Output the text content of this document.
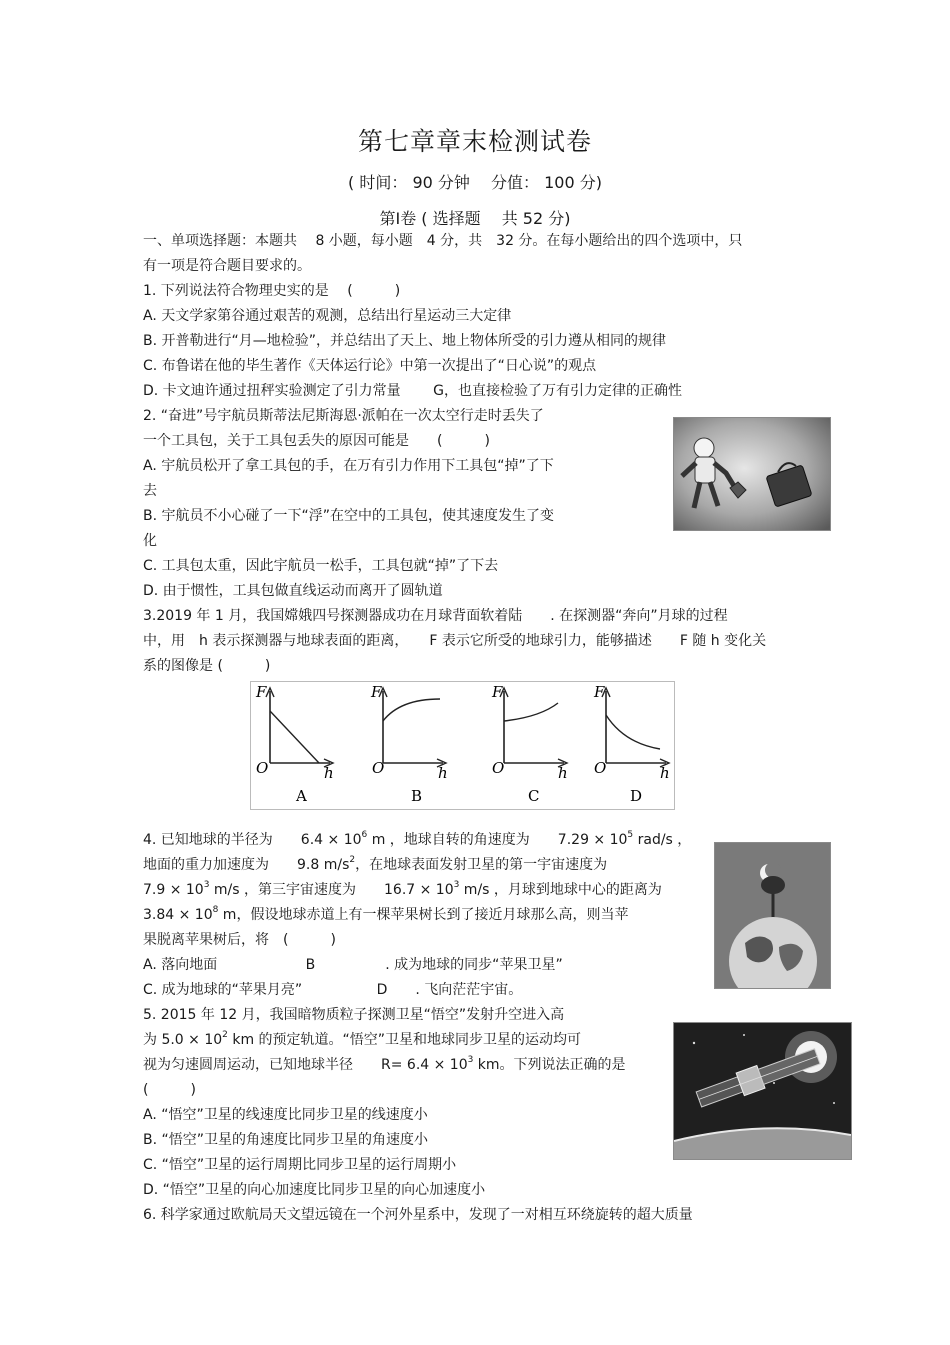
第七章章末检测试卷
( 时间： 90 分钟　 分值： 100 分)
第Ⅰ卷 ( 选择题　 共 52 分)
一、单项选择题：本题共　 8 小题，每小题　4 分，共　32 分。在每小题给出的四个选项中，只
有一项是符合题目要求的。
1. 下列说法符合物理史实的是　 (　　　)
A. 天文学家第谷通过艰苦的观测，总结出行星运动三大定律
B. 开普勒进行“月—地检验”，并总结出了天上、地上物体所受的引力遵从相同的规律
C. 布鲁诺在他的毕生著作《天体运行论》中第一次提出了“日心说”的观点
D. 卡文迪许通过扭秤实验测定了引力常量　　 G，也直接检验了万有引力定律的正确性
2. “奋进”号宇航员斯蒂法尼斯海恩·派帕在一次太空行走时丢失了
一个工具包，关于工具包丢失的原因可能是　　(　　　)
A. 宇航员松开了拿工具包的手，在万有引力作用下工具包“掉”了下
去
B. 宇航员不小心碰了一下“浮”在空中的工具包，使其速度发生了变
化
C. 工具包太重，因此宇航员一松手，工具包就“掉”了下去
D. 由于惯性，工具包做直线运动而离开了圆轨道
3.2019 年 1 月，我国嫦娥四号探测器成功在月球背面软着陆　　. 在探测器“奔向”月球的过程
中，用　h 表示探测器与地球表面的距离，　　F 表示它所受的地球引力，能够描述　　F 随 h 变化关
系的图像是 (　　　)
F
O	h
A
F
O	h
B
F
O	h
C
F
O	h
D
4. 已知地球的半径为　　$6.4 \times 10^6$ m ，地球自转的角速度为　　$7.29 \times 10^5$ rad/s ，
地面的重力加速度为　　9.8 $m/s^2$，在地球表面发射卫星的第一宇宙速度为
$7.9 \times 10^3$ m/s ，第三宇宙速度为　　$16.7 \times 10^3$ m/s ，月球到地球中心的距离为
$3.84 \times 10^8$ m，假设地球赤道上有一棵苹果树长到了接近月球那么高，则当苹
果脱离苹果树后，将　(　　　)
A. 落向地面　　　　　　 B　　　　　. 成为地球的同步“苹果卫星”
C. 成为地球的“苹果月亮”　　　　　 D　　. 飞向茫茫宇宙。
5. 2015 年 12 月，我国暗物质粒子探测卫星“悟空”发射升空进入高
为 $5.0 \times 10^2$ km 的预定轨道。“悟空”卫星和地球同步卫星的运动均可
视为匀速圆周运动，已知地球半径　　$R= 6.4 \times 10^3$ km。下列说法正确的是
(　　　)
A. “悟空”卫星的线速度比同步卫星的线速度小
B. “悟空”卫星的角速度比同步卫星的角速度小
C. “悟空”卫星的运行周期比同步卫星的运行周期小
D. “悟空”卫星的向心加速度比同步卫星的向心加速度小
6. 科学家通过欧航局天文望远镜在一个河外星系中，发现了一对相互环绕旋转的超大质量
